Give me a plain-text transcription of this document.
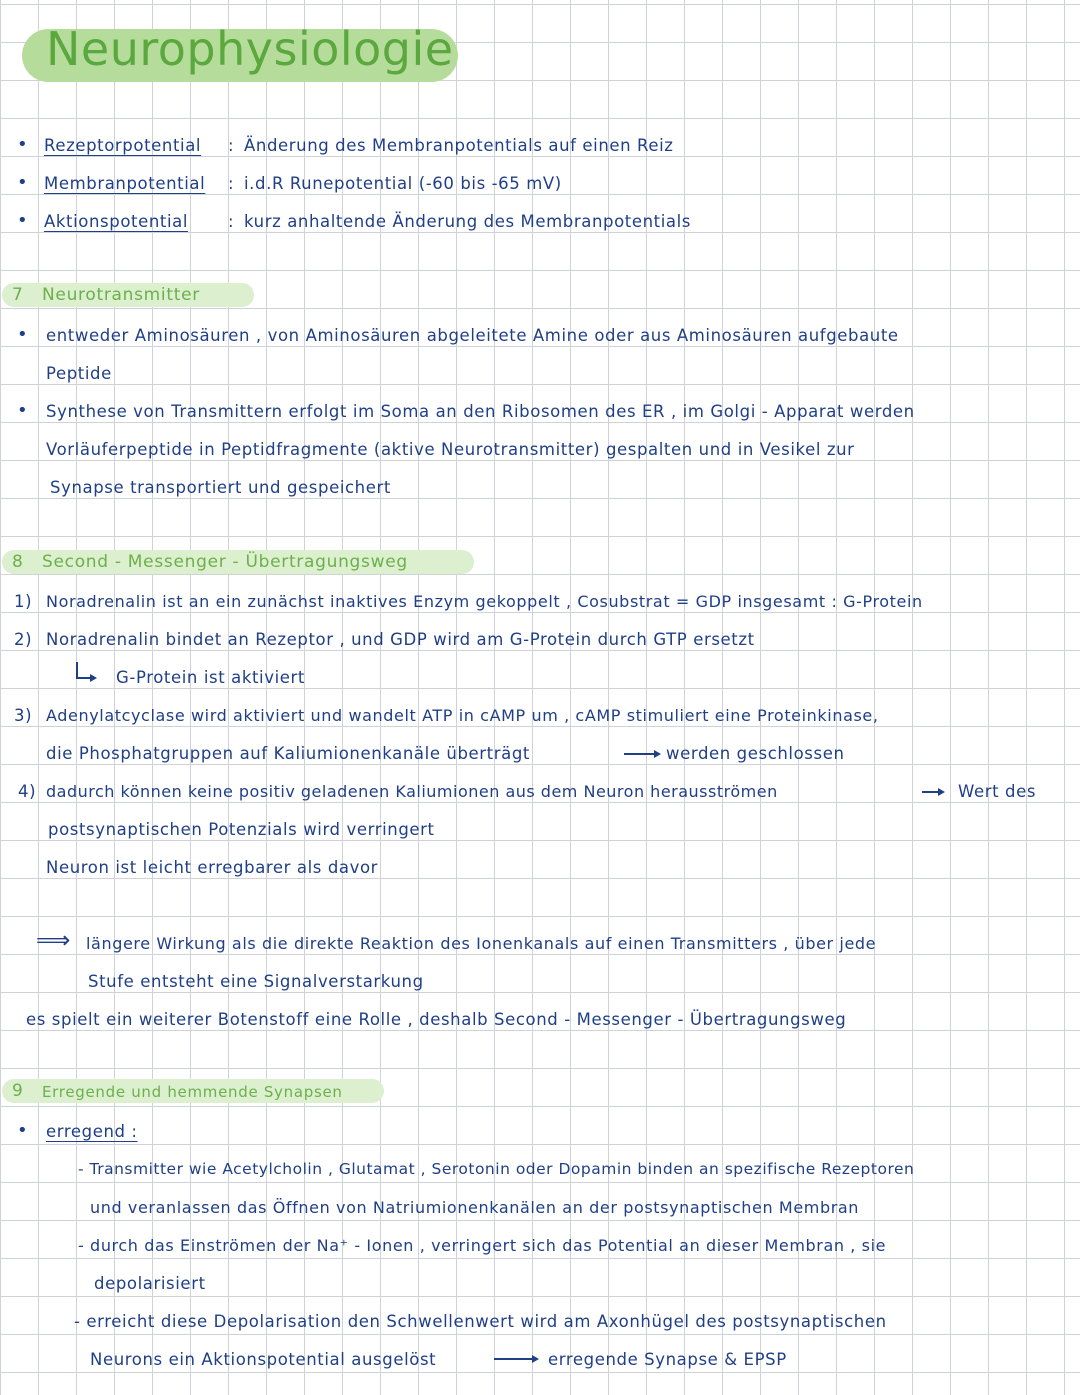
Neurophysiologie
• Rezeptorpotential : Änderung des Membranpotentials auf einen Reiz
• Membranpotential : i.d.R Runepotential (-60 bis -65 mV)
• Aktionspotential : kurz anhaltende Änderung des Membranpotentials
7 Neurotransmitter
• entweder Aminosäuren , von Aminosäuren abgeleitete Amine oder aus Aminosäuren aufgebaute
Peptide
• Synthese von Transmittern erfolgt im Soma an den Ribosomen des ER , im Golgi - Apparat werden
Vorläuferpeptide in Peptidfragmente (aktive Neurotransmitter) gespalten und in Vesikel zur
Synapse transportiert und gespeichert
8 Second - Messenger - Übertragungsweg
1) Noradrenalin ist an ein zunächst inaktives Enzym gekoppelt , Cosubstrat = GDP insgesamt : G-Protein
2) Noradrenalin bindet an Rezeptor , und GDP wird am G-Protein durch GTP ersetzt
G-Protein ist aktiviert
3) Adenylatcyclase wird aktiviert und wandelt ATP in cAMP um , cAMP stimuliert eine Proteinkinase,
die Phosphatgruppen auf Kaliumionenkanäle überträgt	werden geschlossen
4) dadurch können keine positiv geladenen Kaliumionen aus dem Neuron herausströmen	Wert des
postsynaptischen Potenzials wird verringert
Neuron ist leicht erregbarer als davor
⟹ längere Wirkung als die direkte Reaktion des Ionenkanals auf einen Transmitters , über jede
Stufe entsteht eine Signalverstarkung
es spielt ein weiterer Botenstoff eine Rolle , deshalb Second - Messenger - Übertragungsweg
9 Erregende und hemmende Synapsen
• erregend :
- Transmitter wie Acetylcholin , Glutamat , Serotonin oder Dopamin binden an spezifische Rezeptoren
und veranlassen das Öffnen von Natriumionenkanälen an der postsynaptischen Membran
- durch das Einströmen der Na⁺ - Ionen , verringert sich das Potential an dieser Membran , sie
depolarisiert
- erreicht diese Depolarisation den Schwellenwert wird am Axonhügel des postsynaptischen
Neurons ein Aktionspotential ausgelöst	erregende Synapse & EPSP
